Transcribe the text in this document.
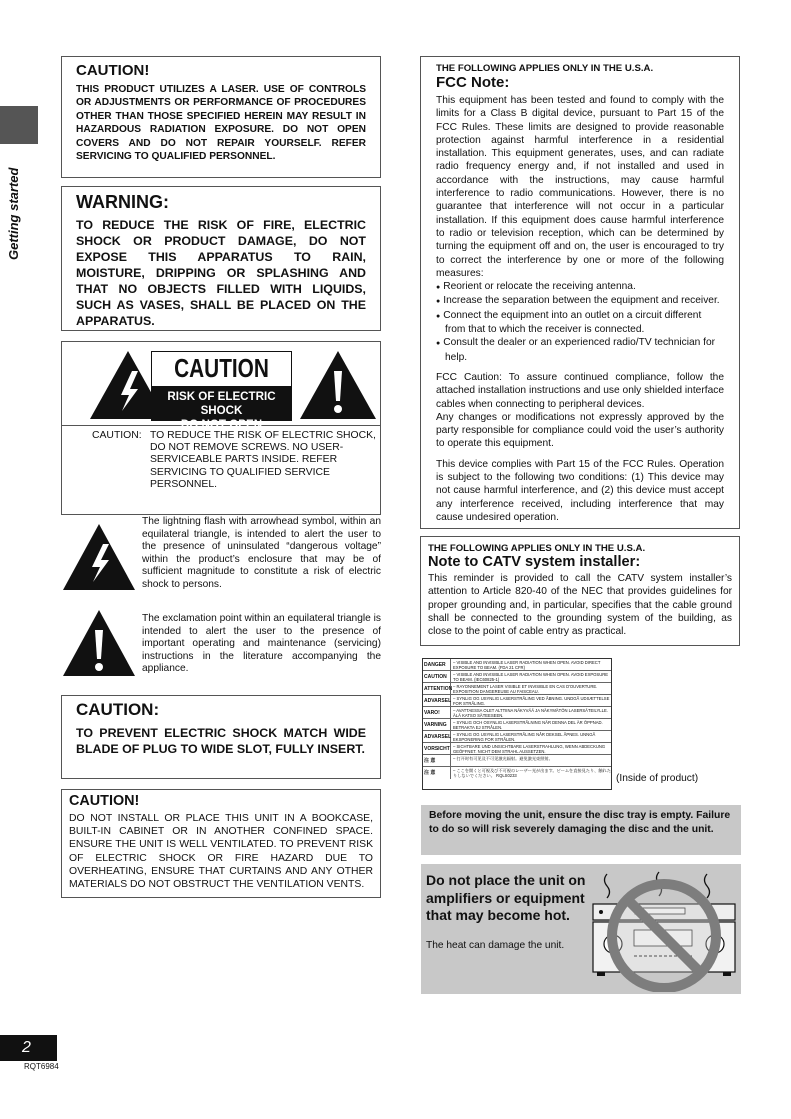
Getting started
CAUTION!

THIS PRODUCT UTILIZES A LASER. USE OF CONTROLS OR ADJUSTMENTS OR PERFORMANCE OF PROCEDURES OTHER THAN THOSE SPECIFIED HEREIN MAY RESULT IN HAZARDOUS RADIATION EXPOSURE. DO NOT OPEN COVERS AND DO NOT REPAIR YOURSELF. REFER SERVICING TO QUALIFIED PERSONNEL.

WARNING:

TO REDUCE THE RISK OF FIRE, ELECTRIC SHOCK OR PRODUCT DAMAGE, DO NOT EXPOSE THIS APPARATUS TO RAIN, MOISTURE, DRIPPING OR SPLASHING AND THAT NO OBJECTS FILLED WITH LIQUIDS, SUCH AS VASES, SHALL BE PLACED ON THE APPARATUS.

CAUTION
RISK OF ELECTRIC SHOCK
DO NOT OPEN
CAUTION: TO REDUCE THE RISK OF ELECTRIC SHOCK, DO NOT REMOVE SCREWS. NO USER-SERVICEABLE PARTS INSIDE. REFER SERVICING TO QUALIFIED SERVICE PERSONNEL.

The lightning flash with arrowhead symbol, within an equilateral triangle, is intended to alert the user to the presence of uninsulated “dangerous voltage” within the product’s enclosure that may be of sufficient magnitude to constitute a risk of electric shock to persons.

The exclamation point within an equilateral triangle is intended to alert the user to the presence of important operating and maintenance (servicing) instructions in the literature accompanying the appliance.

CAUTION:

TO PREVENT ELECTRIC SHOCK MATCH WIDE BLADE OF PLUG TO WIDE SLOT, FULLY INSERT.

CAUTION!

DO NOT INSTALL OR PLACE THIS UNIT IN A BOOKCASE, BUILT-IN CABINET OR IN ANOTHER CONFINED SPACE. ENSURE THE UNIT IS WELL VENTILATED. TO PREVENT RISK OF ELECTRIC SHOCK OR FIRE HAZARD DUE TO OVERHEATING, ENSURE THAT CURTAINS AND ANY OTHER MATERIALS DO NOT OBSTRUCT THE VENTILATION VENTS.

THE FOLLOWING APPLIES ONLY IN THE U.S.A.
FCC Note:

This equipment has been tested and found to comply with the limits for a Class B digital device, pursuant to Part 15 of the FCC Rules. These limits are designed to provide reasonable protection against harmful interference in a residential installation. This equipment generates, uses, and can radiate radio frequency energy and, if not installed and used in accordance with the instructions, may cause harmful interference to radio communications. However, there is no guarantee that interference will not occur in a particular installation. If this equipment does cause harmful interference to radio or television reception, which can be determined by turning the equipment off and on, the user is encouraged to try to correct the interference by one or more of the following measures:

● Reorient or relocate the receiving antenna.
● Increase the separation between the equipment and receiver.
● Connect the equipment into an outlet on a circuit different from that to which the receiver is connected.
● Consult the dealer or an experienced radio/TV technician for help.

FCC Caution: To assure continued compliance, follow the attached installation instructions and use only shielded interface cables when connecting to peripheral devices.

Any changes or modifications not expressly approved by the party responsible for compliance could void the user’s authority to operate this equipment.

This device complies with Part 15 of the FCC Rules. Operation is subject to the following two conditions: (1) This device may not cause harmful interference, and (2) this device must accept any interference received, including interference that may cause undesired operation.

THE FOLLOWING APPLIES ONLY IN THE U.S.A.
Note to CATV system installer:

This reminder is provided to call the CATV system installer’s attention to Article 820-40 of the NEC that provides guidelines for proper grounding and, in particular, specifies that the cable ground shall be connected to the grounding system of the building, as close to the point of cable entry as practical.

DANGER	– VISIBLE AND INVISIBLE LASER RADIATION WHEN OPEN. AVOID DIRECT EXPOSURE TO BEAM. (FDA 21 CFR)
CAUTION	– VISIBLE AND INVISIBLE LASER RADIATION WHEN OPEN. AVOID EXPOSURE TO BEAM. (IEC60825-1)
ATTENTION – RAYONNEMENT LASER VISIBLE ET INVISIBLE EN CAS D'OUVERTURE. EXPOSITION DANGEREUSE AU FAISCEAU.
ADVARSEL – SYNLIG OG USYNLIG LASERSTRÅLING VED ÅBNING. UNDGÅ UDSÆTTELSE FOR STRÅLING.
VARO!	– AVATTAESSA OLET ALTTIINA NÄKYVÄÄ JA NÄKYMÄTÖN LASERSÄTEILYLLE. ÄLÄ KATSO SÄTEESEEN.
VARNING	– SYNLIG OCH OSYNLIG LASERSTRÅLNING NÄR DENNA DEL ÄR ÖPPNAD. BETRAKTA EJ STRÅLEN.
ADVARSEL – SYNLIG OG USYNLIG LASERSTRÅLING NÅR DEKSEL ÅPNES. UNNGÅ EKSPONERING FOR STRÅLEN.
VORSICHT – SICHTBARE UND UNSICHTBARE LASERSTRAHLUNG, WENN ABDECKUNG GEÖFFNET. NICHT DEM STRAHL AUSSETZEN.
注 意	– 打开时有可见及不可见激光辐射。避免激光束照射。
注 意	– ここを開くと可視及び不可視のレーザー光が出ます。ビームを直接見たり、触れたりしないでください。 RQLS0233	(Inside of product)

Before moving the unit, ensure the disc tray is empty. Failure to do so will risk severely damaging the disc and the unit.

Do not place the unit on amplifiers or equipment that may become hot.
The heat can damage the unit.
2
RQT6984
